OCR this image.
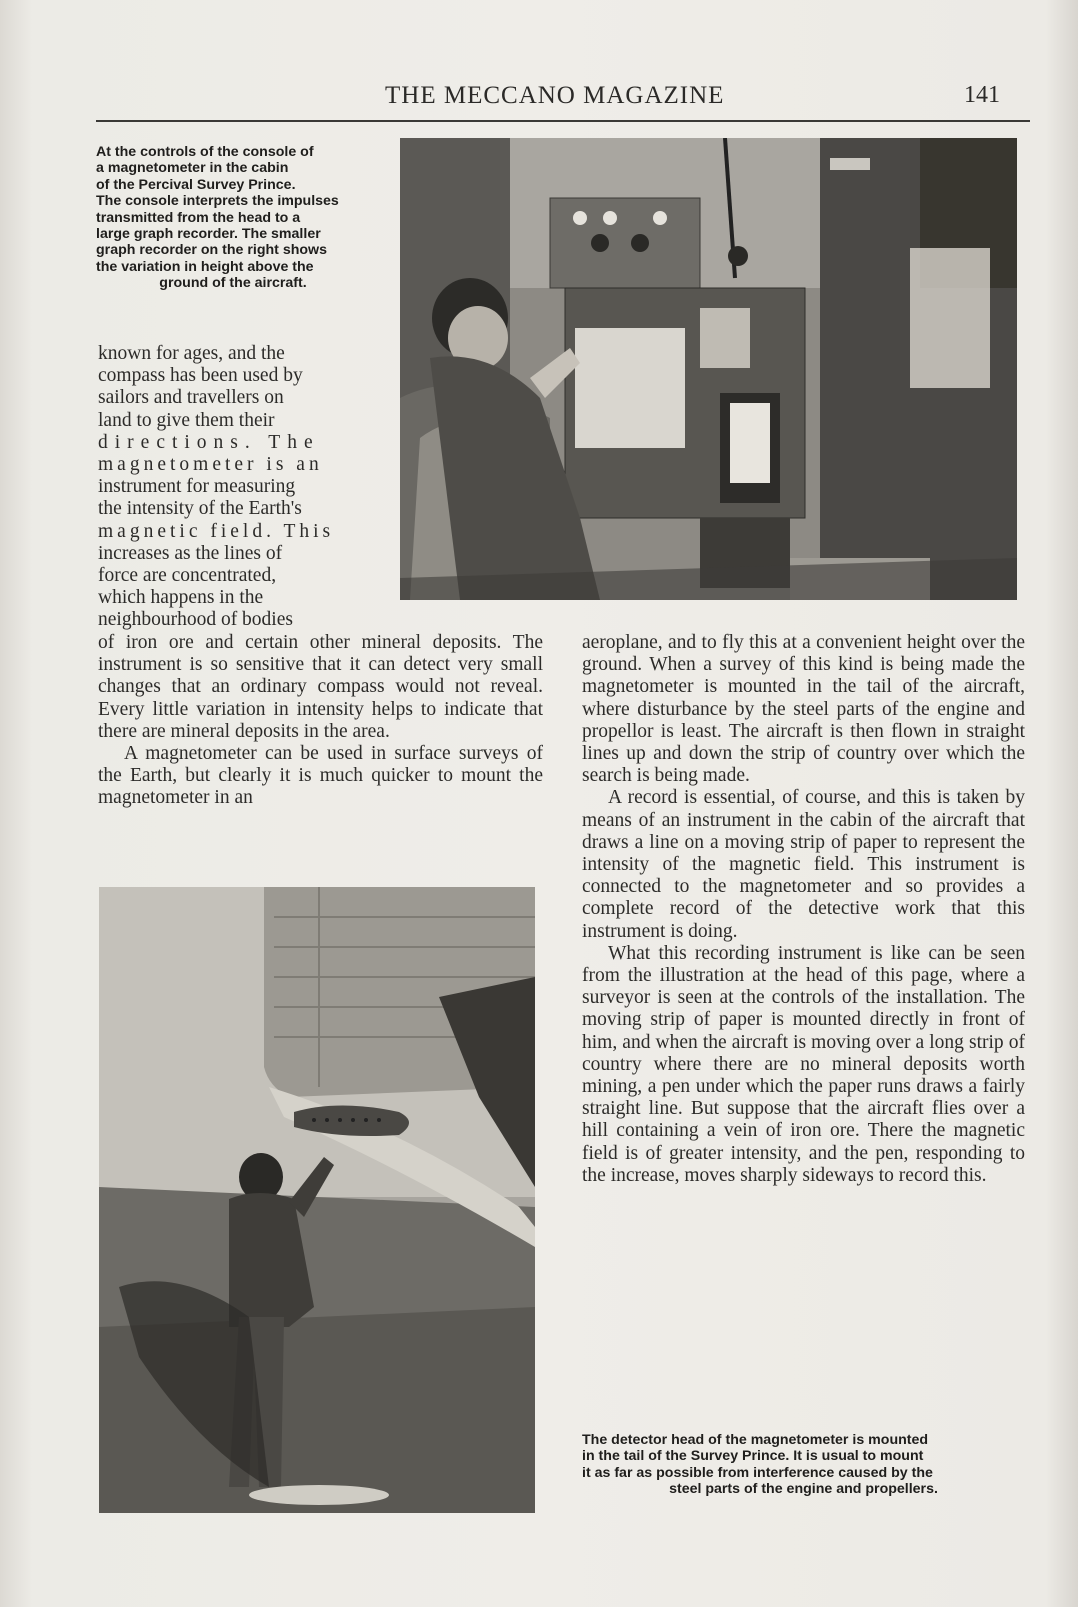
THE MECCANO MAGAZINE	141

At the controls of the console of

a magnetometer in the cabin

of the Percival Survey Prince.

The console interprets the impulses

transmitted from the head to a

large graph recorder. The smaller

graph recorder on the right shows

the variation in height above the

ground of the aircraft.

known for ages, and the

compass has been used by

sailors and travellers on

land to give them their

directions. The

magnetometer is an

instrument for measuring

the intensity of the Earth's

magnetic field. This

increases as the lines of

force are concentrated,

which happens in the

neighbourhood of bodies

of iron ore and certain other mineral deposits. The instrument is so sensitive that it can detect very small changes that an ordinary compass would not reveal. Every little variation in intensity helps to indicate that there are mineral deposits in the area.

A magnetometer can be used in surface surveys of the Earth, but clearly it is much quicker to mount the magnetometer in an

aeroplane, and to fly this at a convenient height over the ground. When a survey of this kind is being made the magnetometer is mounted in the tail of the aircraft, where disturbance by the steel parts of the engine and propellor is least. The aircraft is then flown in straight lines up and down the strip of country over which the search is being made.

A record is essential, of course, and this is taken by means of an instrument in the cabin of the aircraft that draws a line on a moving strip of paper to represent the intensity of the magnetic field. This instrument is connected to the magnetometer and so provides a complete record of the detective work that this instrument is doing.

What this recording instrument is like can be seen from the illustration at the head of this page, where a surveyor is seen at the controls of the installation. The moving strip of paper is mounted directly in front of him, and when the aircraft is moving over a long strip of country where there are no mineral deposits worth mining, a pen under which the paper runs draws a fairly straight line. But suppose that the aircraft flies over a hill containing a vein of iron ore. There the magnetic field is of greater intensity, and the pen, responding to the increase, moves sharply sideways to record this.

The detector head of the magnetometer is mounted

in the tail of the Survey Prince. It is usual to mount

it as far as possible from interference caused by the

steel parts of the engine and propellers.
